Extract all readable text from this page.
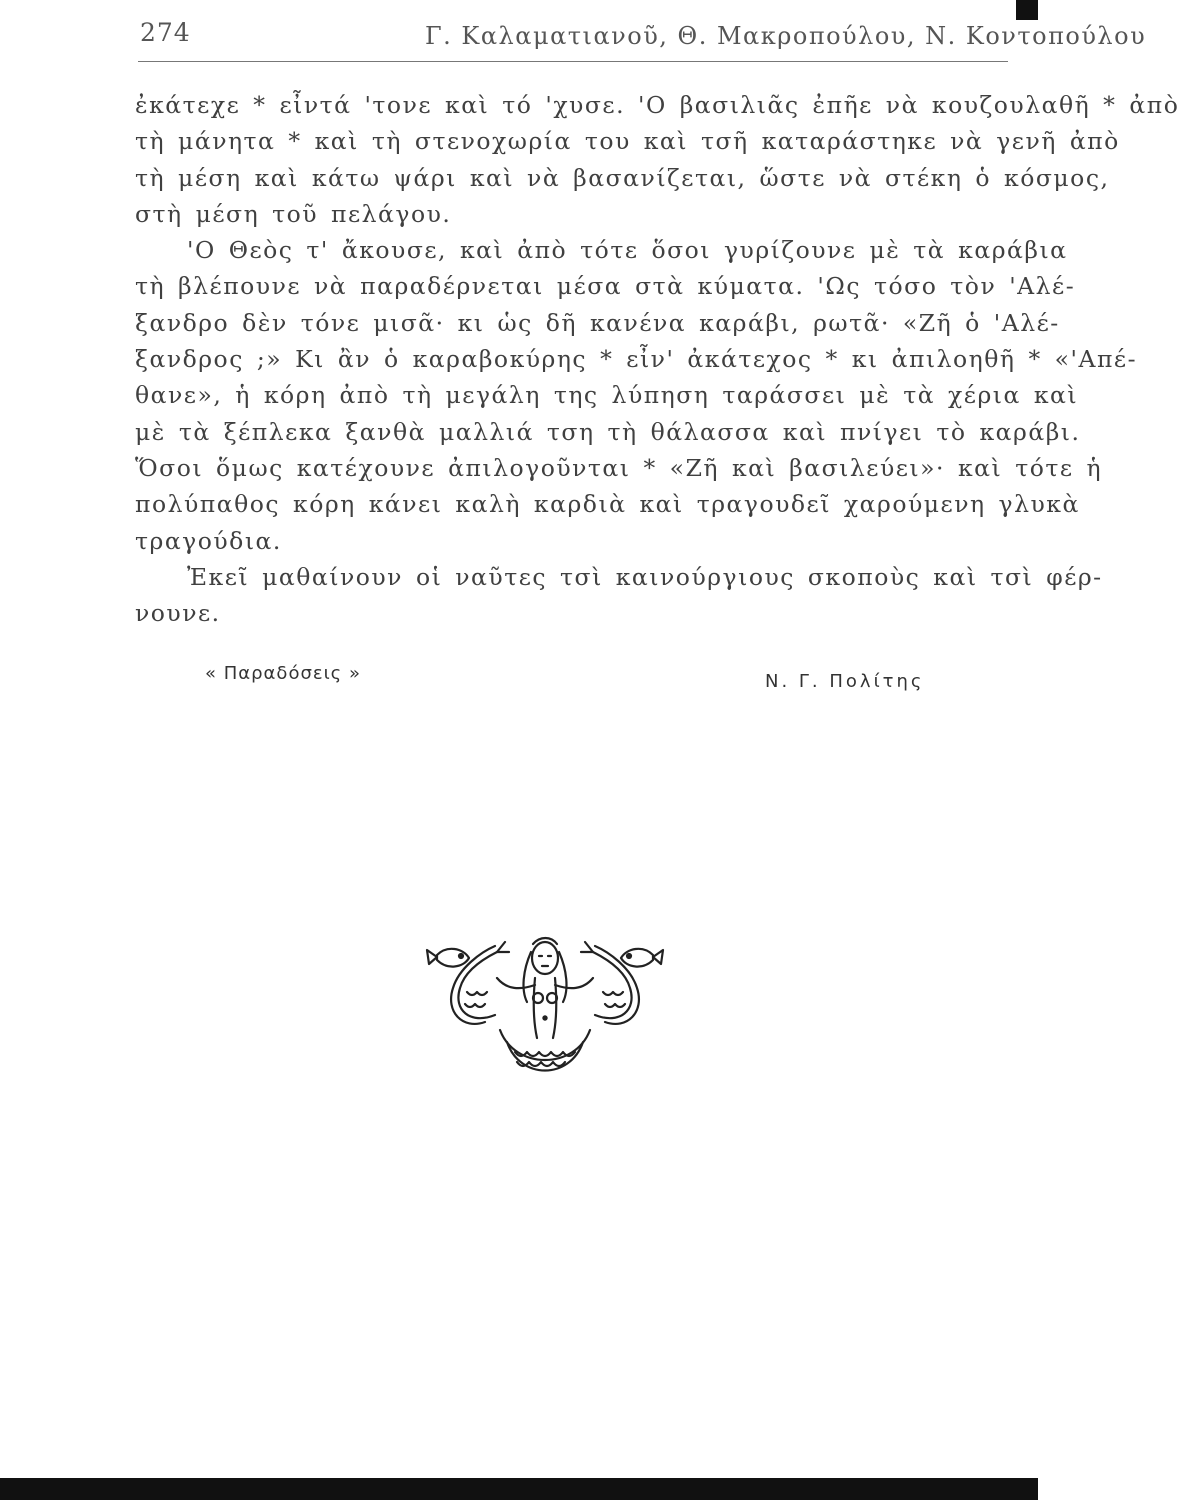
274	Γ. Καλαματιανοῦ, Θ. Μακροπούλου, Ν. Κοντοπούλου
ἐκάτεχε * εἶντά 'τονε καὶ τό 'χυσε. 'Ο βασιλιᾶς ἐπῆε νὰ κουζουλαθῆ * ἀπὸ
τὴ μάνητα * καὶ τὴ στενοχωρία του καὶ τσῆ καταράστηκε νὰ γενῆ ἀπὸ
τὴ μέση καὶ κάτω ψάρι καὶ νὰ βασανίζεται, ὥστε νὰ στέκη ὁ κόσμος,
στὴ μέση τοῦ πελάγου.
'Ο Θεὸς τ' ἄκουσε, καὶ ἀπὸ τότε ὅσοι γυρίζουνε μὲ τὰ καράβια
τὴ βλέπουνε νὰ παραδέρνεται μέσα στὰ κύματα. 'Ως τόσο τὸν 'Αλέ-
ξανδρο δὲν τόνε μισᾶ· κι ὡς δῆ κανένα καράβι, ρωτᾶ· «Ζῆ ὁ 'Αλέ-
ξανδρος ;» Κι ἂν ὁ καραβοκύρης * εἶν' ἀκάτεχος * κι ἀπιλοηθῆ * «'Απέ-
θανε», ἡ κόρη ἀπὸ τὴ μεγάλη της λύπηση ταράσσει μὲ τὰ χέρια καὶ
μὲ τὰ ξέπλεκα ξανθὰ μαλλιά τση τὴ θάλασσα καὶ πνίγει τὸ καράβι.
Ὅσοι ὅμως κατέχουνε ἀπιλογοῦνται * «Ζῆ καὶ βασιλεύει»· καὶ τότε ἡ
πολύπαθος κόρη κάνει καλὴ καρδιὰ καὶ τραγουδεῖ χαρούμενη γλυκὰ
τραγούδια.
Ἐκεῖ μαθαίνουν οἱ ναῦτες τσὶ καινούργιους σκοποὺς καὶ τσὶ φέρ-
νουνε.
« Παραδόσεις »	Ν. Γ. Πολίτης
